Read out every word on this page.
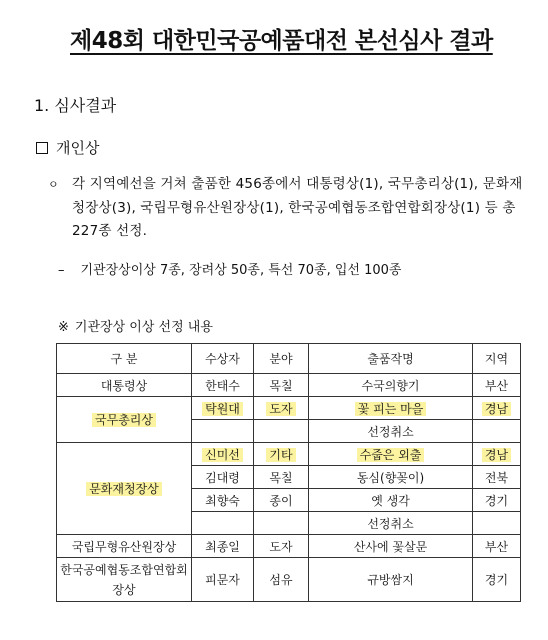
제48회 대한민국공예품대전 본선심사 결과
1. 심사결과
개인상
ㅇ 각 지역예선을 거쳐 출품한 456종에서 대통령상(1), 국무총리상(1), 문화재청장상(3), 국립무형유산원장상(1), 한국공예협동조합연합회장상(1) 등 총 227종 선정.
– 기관장상이상 7종, 장려상 50종, 특선 70종, 입선 100종
※ 기관장상 이상 선정 내용
구 분	수상자	분야	출품작명	지역
대통령상	한태수	목칠	수국의향기	부산
국무총리상	탁원대	도자	꽃 피는 마을	경남
			선정취소	
문화재청장상	신미선	기타	수줍은 외출	경남
	김대령	목칠	동심(향꽂이)	전북
	최향숙	종이	옛 생각	경기
			선정취소	
국립무형유산원장상	최종일	도자	산사에 꽃살문	부산
한국공예협동조합연합회장상	피문자	섬유	규방쌈지	경기
